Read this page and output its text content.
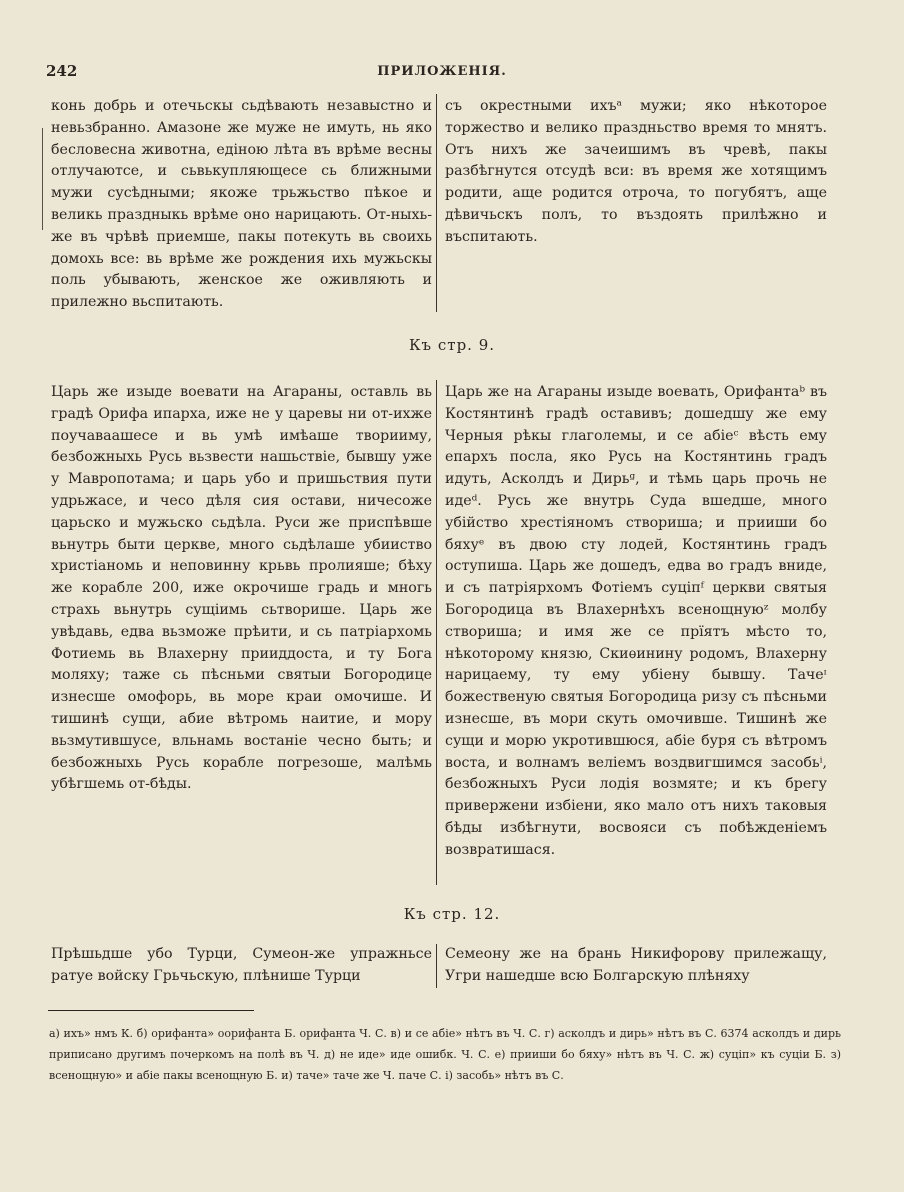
242	ПРИЛОЖЕНІЯ.
конь добрь и отечьскы сьдѣвають незавыстно и невьзбранно. Амазоне же муже не имуть, нь яко бесловесна животна, едіною лѣта въ врѣме весны отлучаютсе, и сьвькупляющесе сь ближными мужи сусѣдными; якоже трьжьство пѣкое и великь праздныкь врѣме оно нарицають. От-ныхь-же въ чрѣвѣ приемше, пакы потекуть вь своихь домохь все: вь врѣме же рождения ихь мужьскы поль убывають, женское же оживляють и прилежно вьспитають.
съ окрестными ихъᵃ мужи; яко нѣкоторое торжество и велико праздньство время то мнятъ. Отъ нихъ же зачеишимъ въ чревѣ, пакы разбѣгнутся отсудѣ вси: въ время же хотящимъ родити, аще родится отроча, то погубятъ, аще дѣвичьскъ полъ, то въздоять прилѣжно и въспитають.
Къ стр. 9.
Царь же изыде воевати на Агараны, оставль вь градѣ Орифа ипарха, иже не у царевы ни от-ихже поучаваашесе и вь умѣ имѣаше творииму, безбожныхь Русь вьзвести нашьствіе, бывшу уже у Мавропотама; и царь убо и пришьствия пути удрьжасе, и чесо дѣля сия остави, ничесоже царьско и мужьско сьдѣла. Руси же приспѣвше вьнутрь быти церкве, много сьдѣлаше убииство христіаномь и неповинну крьвь пролияше; бѣху же корабле 200, иже окрочише градь и многь страхь вьнутрь сущіимь сьтворише. Царь же увѣдавь, едва вьзможе прѣити, и сь патріархомь Фотиемь вь Влахерну прииддоста, и ту Бога моляху; таже сь пѣсньми святыи Богородице изнесше омофорь, вь море краи омочише. И тишинѣ сущи, абие вѣтромь наитие, и мору вьзмутившусе, вльнамь востаніе чесно быть; и безбожныхь Русь корабле погрезоше, малѣмь убѣгшемь от-бѣды.
Царь же на Агараны изыде воевать, Орифантаᵇ въ Костянтинѣ градѣ оставивъ; дошедшу же ему Черныя рѣкы глаголемы, и се абіеᶜ вѣсть ему епархъ посла, яко Русь на Костянтинь градъ идуть, Асколдъ и Дирьᵍ, и тѣмь царь прочь не идеᵈ. Русь же внутрь Суда вшедше, много убійство хрестіяномъ створиша; и прииши бо бяхуᵉ въ двою сту лодей, Костянтинь градъ оступиша. Царь же дошедъ, едва во градъ вниде, и съ патріярхомъ Фотіемъ суціпᶠ церкви святыя Богородица въ Влахернѣхъ всенощнуюᶻ молбу створиша; и имя же се прїятъ мѣсто то, нѣкоторому князю, Скиѳинину родомъ, Влахерну нарицаему, ту ему убіену бывшу. Тачеᶦ божественую святыя Богородица ризу съ пѣсньми изнесше, въ мори скуть омочивше. Тишинѣ же сущи и морю укротившюся, абіе буря съ вѣтромъ воста, и волнамъ велiемъ воздвигшимся засобьⁱ, безбожныхъ Руси лодія возмяте; и къ брегу привержени избіени, яко мало отъ нихъ таковыя бѣды избѣгнути, восвояси съ побѣжденіемъ возвратишася.
Къ стр. 12.
Прѣшьдше убо Турци, Сумеон-же упражньсе ратуе войску Грьчьскую, плѣнише Турци
Семеону же на брань Никифорову прилежащу, Угри нашедше всю Болгарскую плѣняху
а) ихъ» нмъ К. б) орифанта» оорифанта Б. орифанта Ч. С. в) и се абіе» нѣтъ въ Ч. С. г) асколдъ и дирь» нѣтъ въ С. 6374 асколдъ и дирь приписано другимъ почеркомъ на полѣ въ Ч. д) не иде» иде ошибк. Ч. С. е) прииши бо бяху» нѣтъ въ Ч. С. ж) суціп» къ суціи Б. з) всенощную» и абіе пакы всенощную Б. и) таче» таче же Ч. паче С. і) засобь» нѣтъ въ С.
